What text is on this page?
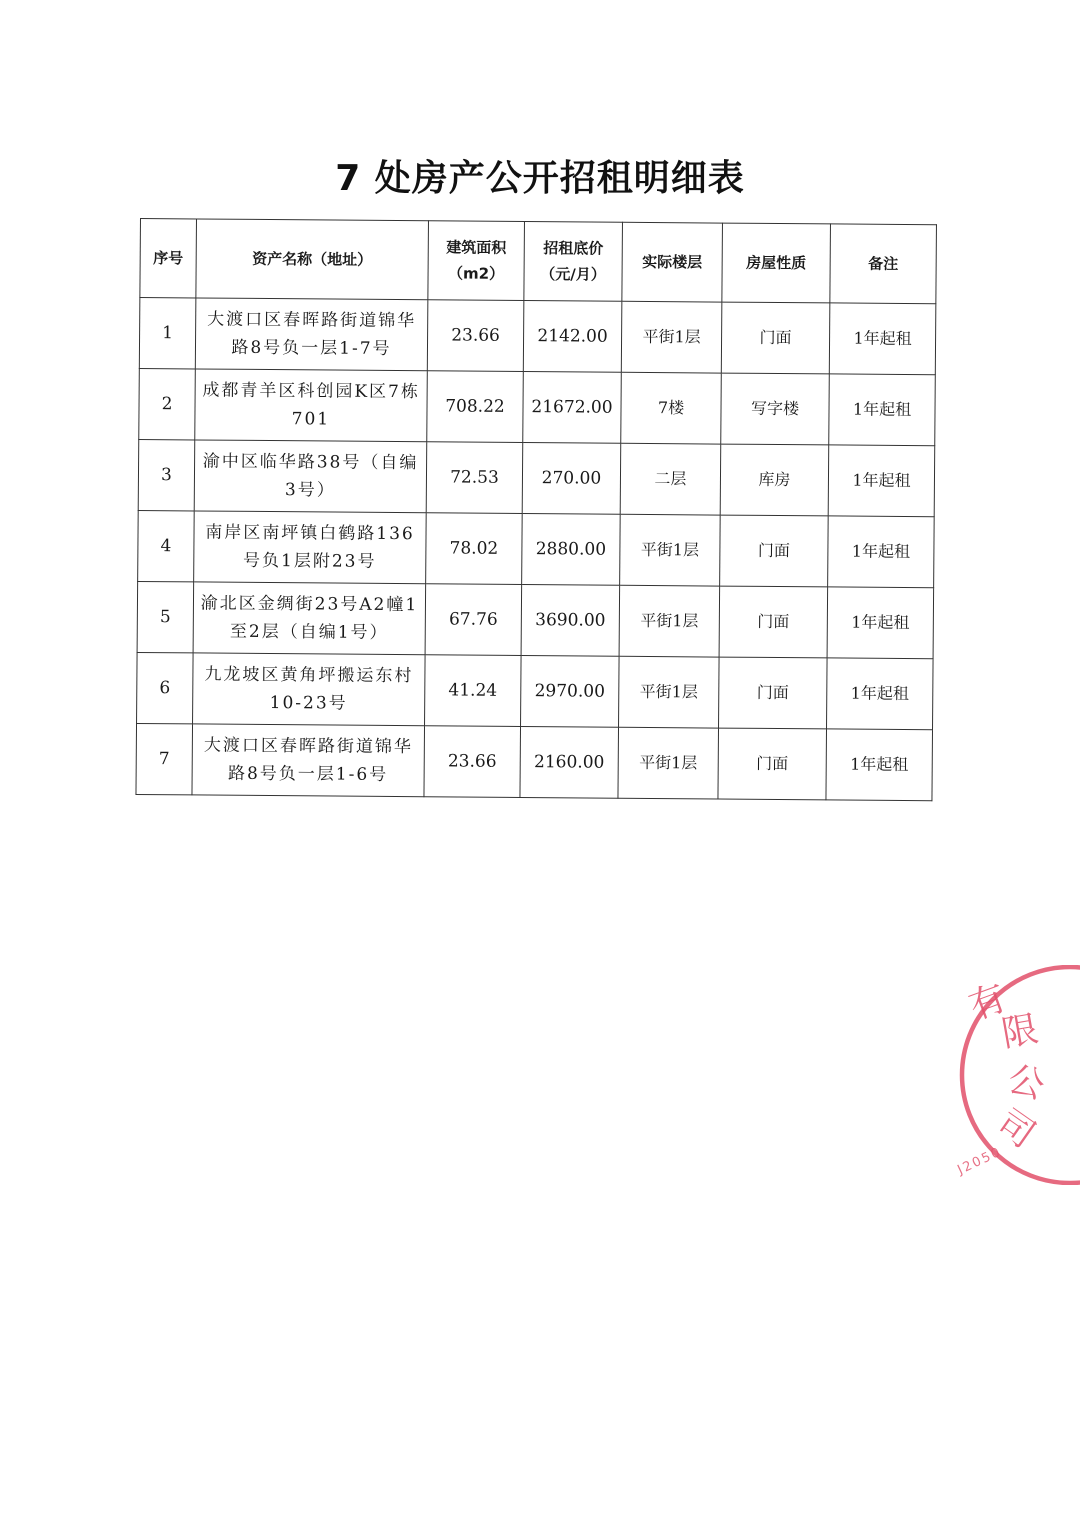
7 处房产公开招租明细表
序号	资产名称（地址）	建筑面积（m2）	招租底价（元/月）	实际楼层	房屋性质	备注
1	大渡口区春晖路街道锦华路8号负一层1-7号	23.66	2142.00	平街1层	门面	1年起租
2	成都青羊区科创园K区7栋 701	708.22	21672.00	7楼	写字楼	1年起租
3	渝中区临华路38号（自编3号）	72.53	270.00	二层	库房	1年起租
4	南岸区南坪镇白鹤路136号负1层附23号	78.02	2880.00	平街1层	门面	1年起租
5	渝北区金绸街23号A2幢1至2层（自编1号）	67.76	3690.00	平街1层	门面	1年起租
6	九龙坡区黄角坪搬运东村10-23号	41.24	2970.00	平街1层	门面	1年起租
7	大渡口区春晖路街道锦华路8号负一层1-6号	23.66	2160.00	平街1层	门面	1年起租
有
限
公
司
J2050
